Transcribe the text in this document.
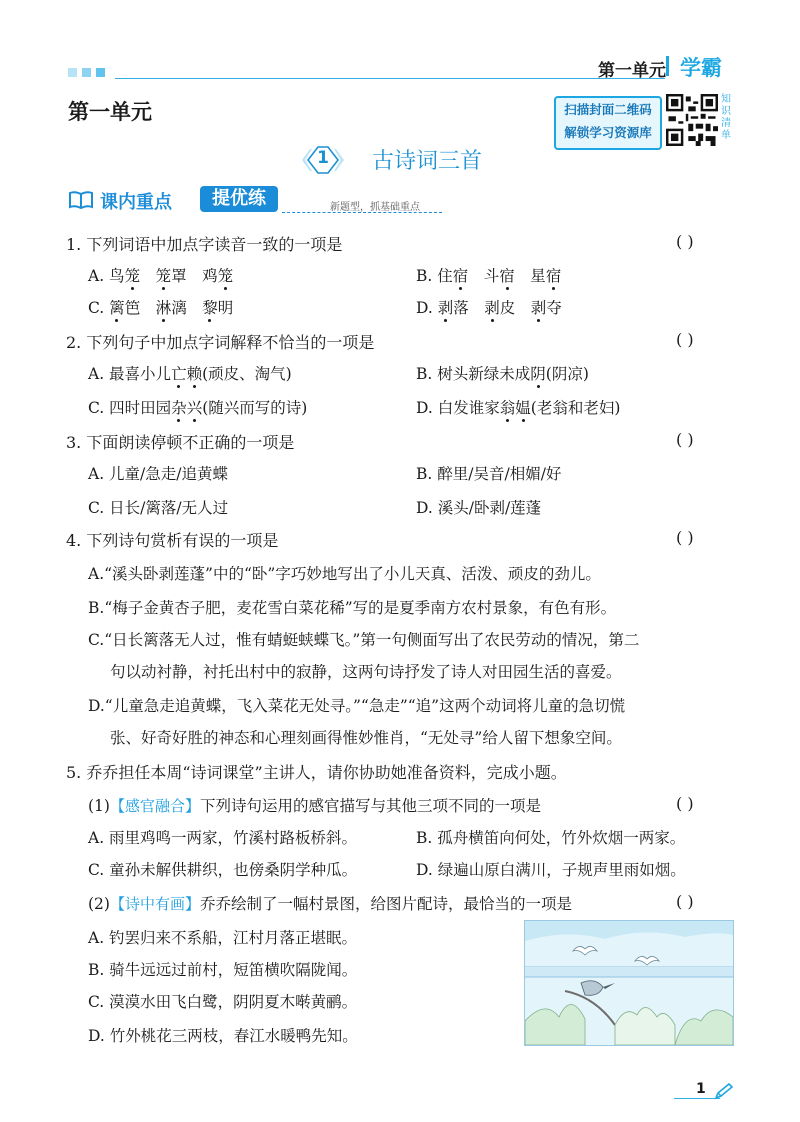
第一单元 学霸
第一单元	扫描封面二维码
解锁学习资源库
知识清单
1	古诗词三首
课内重点	提优练	新题型，抓基础重点
1. 下列词语中加点字读音一致的一项是	( )
A. 鸟笼　 笼罩　鸡笼	B. 住宿　斗宿　星宿
C. 篱笆　淋漓　黎明	D. 剥落　剥皮　剥夺
2. 下列句子中加点字词解释不恰当的一项是	( )
A. 最喜小儿亡赖(顽皮、淘气)	B. 树头新绿未成阴(阴凉)
C. 四时田园杂兴(随兴而写的诗)	D. 白发谁家翁媪(老翁和老妇)
3. 下面朗读停顿不正确的一项是	( )
A. 儿童/急走/追黄蝶	B. 醉里/吴音/相媚/好
C. 日长/篱落/无人过	D. 溪头/卧剥/莲蓬
4. 下列诗句赏析有误的一项是	( )
A.“溪头卧剥莲蓬”中的“卧”字巧妙地写出了小儿天真、活泼、顽皮的劲儿。
B.“梅子金黄杏子肥，麦花雪白菜花稀”写的是夏季南方农村景象，有色有形。
C.“日长篱落无人过，惟有蜻蜓蛱蝶飞。”第一句侧面写出了农民劳动的情况，第二
句以动衬静，衬托出村中的寂静，这两句诗抒发了诗人对田园生活的喜爱。
D.“儿童急走追黄蝶，飞入菜花无处寻。”“急走”“追”这两个动词将儿童的急切慌
张、好奇好胜的神态和心理刻画得惟妙惟肖，“无处寻”给人留下想象空间。
5. 乔乔担任本周“诗词课堂”主讲人，请你协助她准备资料，完成小题。
(1)【感官融合】下列诗句运用的感官描写与其他三项不同的一项是	( )
A. 雨里鸡鸣一两家，竹溪村路板桥斜。	B. 孤舟横笛向何处，竹外炊烟一两家。
C. 童孙未解供耕织，也傍桑阴学种瓜。	D. 绿遍山原白满川，子规声里雨如烟。
(2)【诗中有画】乔乔绘制了一幅村景图，给图片配诗，最恰当的一项是	( )
A. 钓罢归来不系船，江村月落正堪眠。
B. 骑牛远远过前村，短笛横吹隔陇闻。
C. 漠漠水田飞白鹭，阴阴夏木啭黄鹂。
D. 竹外桃花三两枝，春江水暖鸭先知。
1
